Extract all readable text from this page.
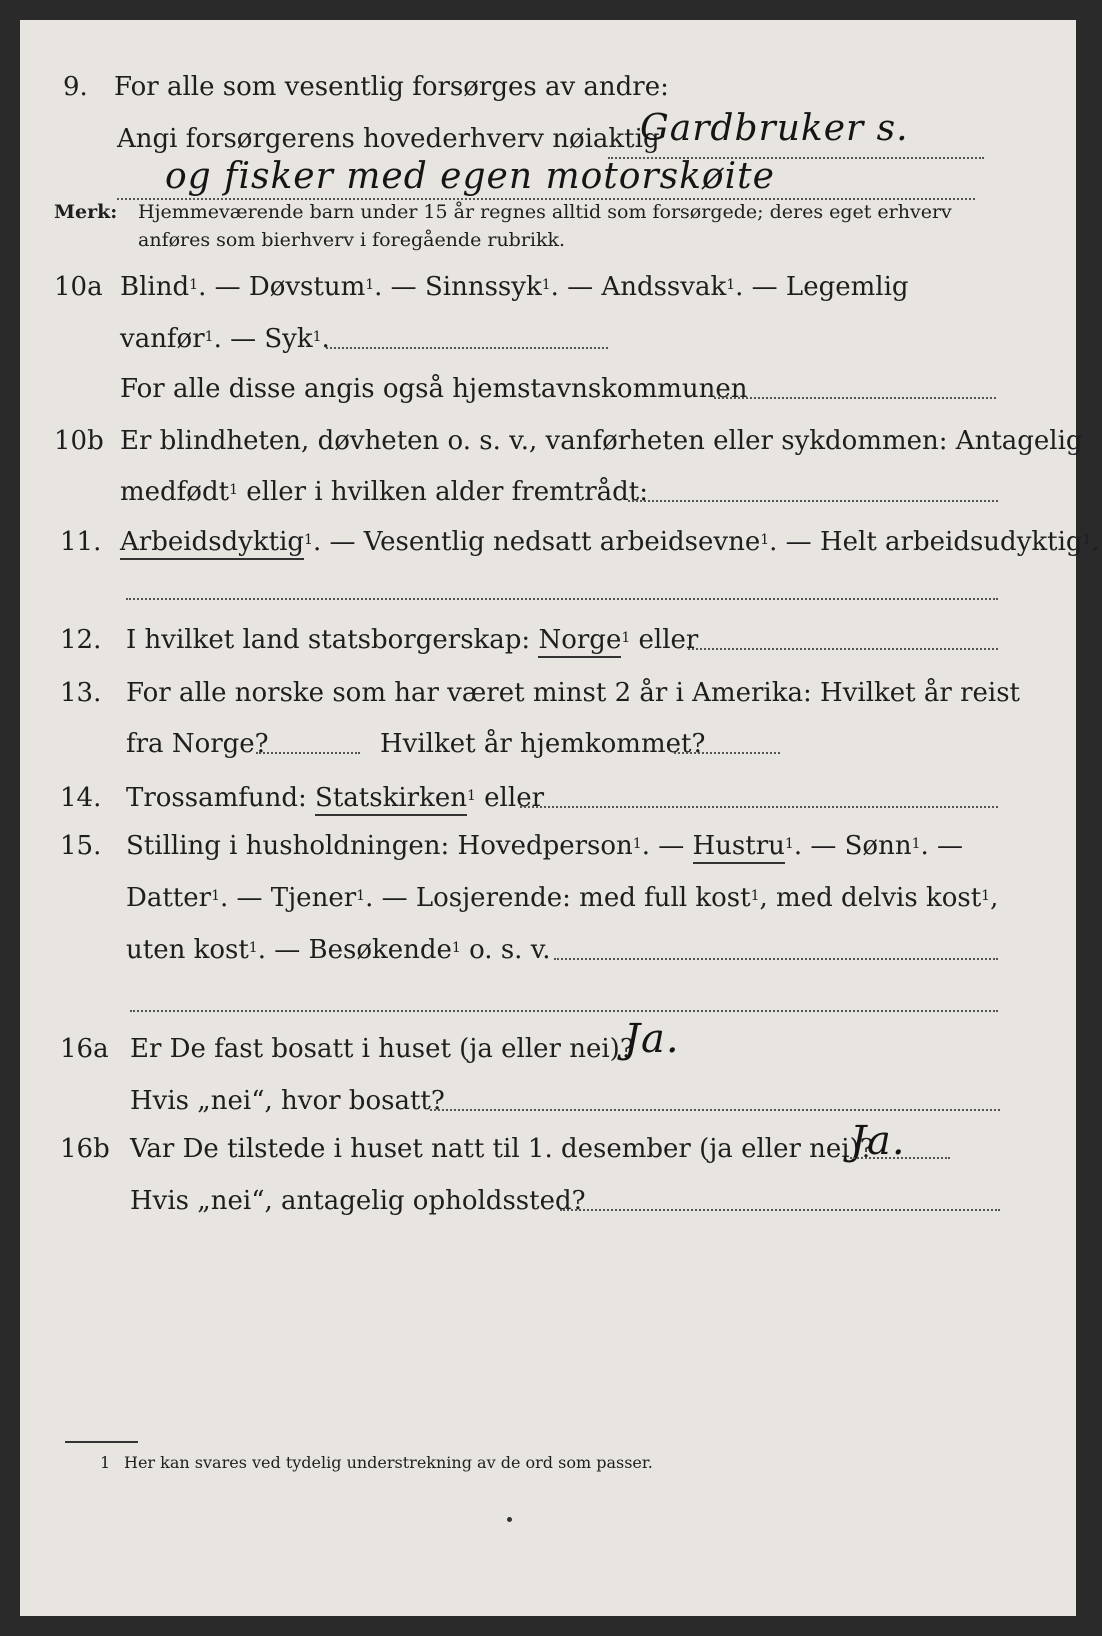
9. For alle som vesentlig forsørges av andre:
Angi forsørgerens hovederhverv nøiaktig
Gardbruker s.
og fisker med egen motorskøite
Merk: Hjemmeværende barn under 15 år regnes alltid som forsørgede; deres eget erhverv
anføres som bierhverv i foregående rubrikk.
10a Blind$^1$. — Døvstum$^1$. — Sinnssyk$^1$. — Andssvak$^1$. — Legemlig
vanfør$^1$. — Syk$^1$.
For alle disse angis også hjemstavnskommunen
10b Er blindheten, døvheten o. s. v., vanførheten eller sykdommen: Antagelig
medfødt$^1$ eller i hvilken alder fremtrådt:
11. Arbeidsdyktig$^1$. — Vesentlig nedsatt arbeidsevne$^1$. — Helt arbeidsudyktig$^1$.
12. I hvilket land statsborgerskap: Norge$^1$ eller
13. For alle norske som har været minst 2 år i Amerika: Hvilket år reist
fra Norge?	Hvilket år hjemkommet?
14. Trossamfund: Statskirken$^1$ eller
15. Stilling i husholdningen: Hovedperson$^1$. — Hustru$^1$. — Sønn$^1$. —
Datter$^1$. — Tjener$^1$. — Losjerende: med full kost$^1$, med delvis kost$^1$,
uten kost$^1$. — Besøkende$^1$ o. s. v.
16a Er De fast bosatt i huset (ja eller nei)?
Ja.
Hvis „nei“, hvor bosatt?
16b Var De tilstede i huset natt til 1. desember (ja eller nei)?
Ja.
Hvis „nei“, antagelig opholdssted?
1 Her kan svares ved tydelig understrekning av de ord som passer.
